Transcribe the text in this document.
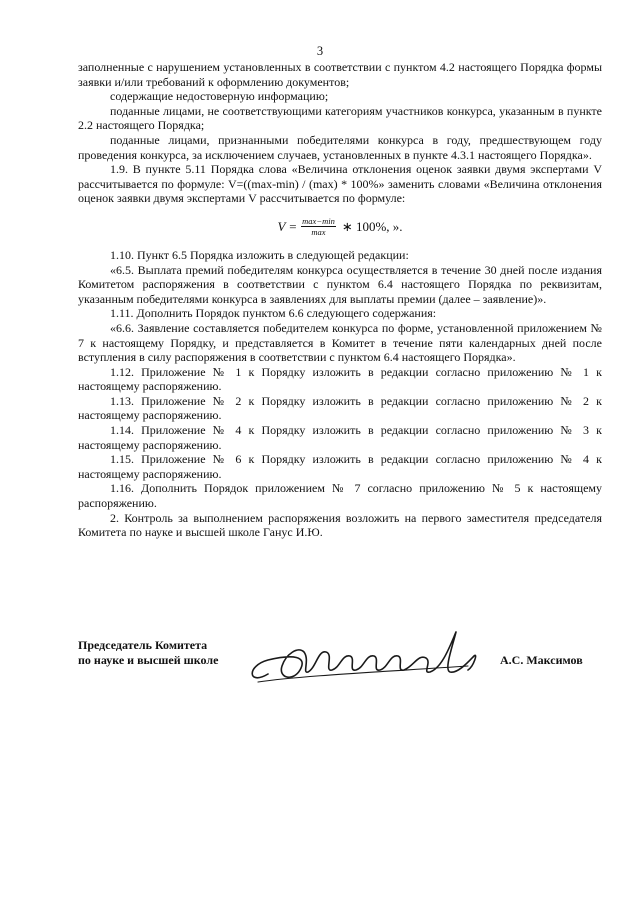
3

заполненные с нарушением установленных в соответствии с пунктом 4.2 настоящего Порядка формы заявки и/или требований к оформлению документов;

содержащие недостоверную информацию;

поданные лицами, не соответствующими категориям участников конкурса, указанным в пункте 2.2 настоящего Порядка;

поданные лицами, признанными победителями конкурса в году, предшествующем году проведения конкурса, за исключением случаев, установленных в пункте 4.3.1 настоящего Порядка».

1.9. В пункте 5.11 Порядка слова «Величина отклонения оценок заявки двумя экспертами V рассчитывается по формуле: V=((max-min) / (max) * 100%» заменить словами «Величина отклонения оценок заявки двумя экспертами V рассчитывается по формуле:

$V = \frac{\max-\min}{\max}$ ∗ 100%, ».

1.10. Пункт 6.5 Порядка изложить в следующей редакции:

«6.5. Выплата премий победителям конкурса осуществляется в течение 30 дней после издания Комитетом распоряжения в соответствии с пунктом 6.4 настоящего Порядка по реквизитам, указанным победителями конкурса в заявлениях для выплаты премии (далее – заявление)».

1.11. Дополнить Порядок пунктом 6.6 следующего содержания:

«6.6. Заявление составляется победителем конкурса по форме, установленной приложением № 7 к настоящему Порядку, и представляется в Комитет в течение пяти календарных дней после вступления в силу распоряжения в соответствии с пунктом 6.4 настоящего Порядка».

1.12. Приложение № 1 к Порядку изложить в редакции согласно приложению № 1 к настоящему распоряжению.

1.13. Приложение № 2 к Порядку изложить в редакции согласно приложению № 2 к настоящему распоряжению.

1.14. Приложение № 4 к Порядку изложить в редакции согласно приложению № 3 к настоящему распоряжению.

1.15. Приложение № 6 к Порядку изложить в редакции согласно приложению № 4 к настоящему распоряжению.

1.16. Дополнить Порядок приложением № 7 согласно приложению № 5 к настоящему распоряжению.

2. Контроль за выполнением распоряжения возложить на первого заместителя председателя Комитета по науке и высшей школе Ганус И.Ю.

Председатель Комитета
по науке и высшей школе	А.С. Максимов
